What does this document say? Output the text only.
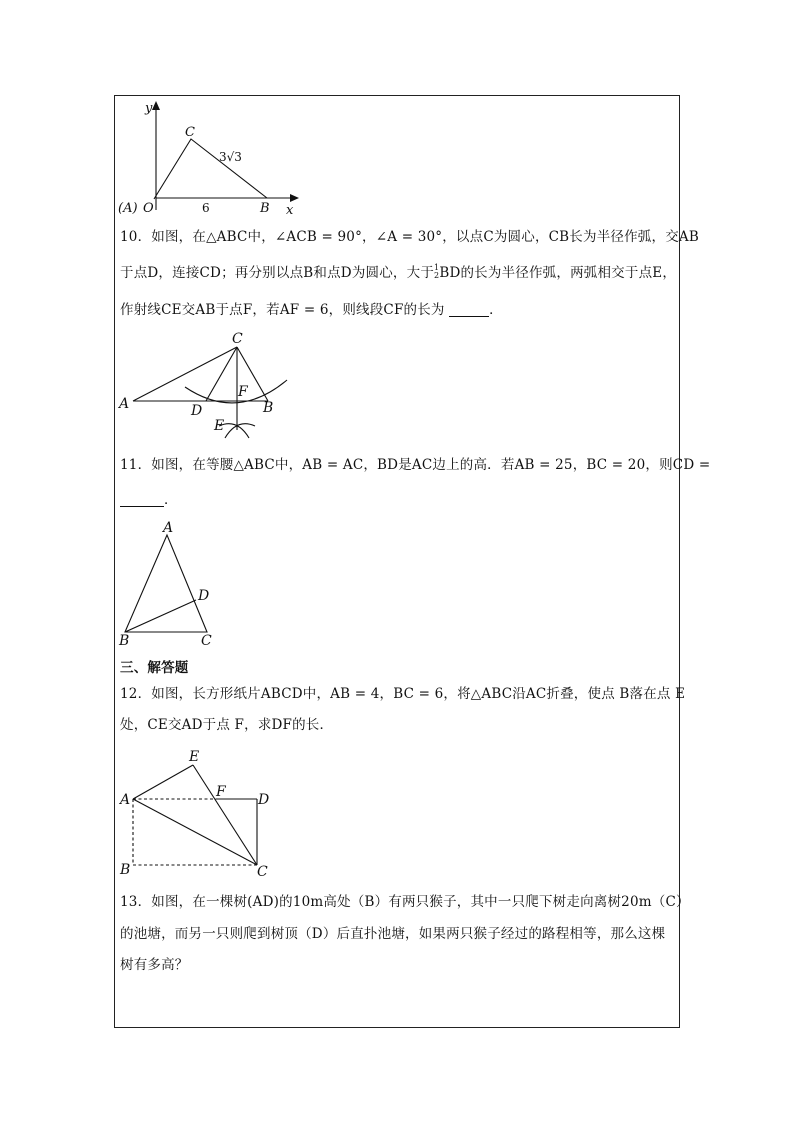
y
x
C
B
O
(A)	6
3√3
10．如图，在△ABC中，∠ACB = 90°，∠A = 30°，以点C为圆心，CB长为半径作弧，交AB
于点D，连接CD；再分别以点B和点D为圆心，大于1
2BD的长为半径作弧，两弧相交于点E，
作射线CE交AB于点F，若AF = 6，则线段CF的长为	．
C
A	D
F
B
E
11．如图，在等腰△ABC中，AB = AC，BD是AC边上的高．若AB = 25，BC = 20，则CD =
．
A
D
B	C
三、解答题
12．如图，长方形纸片ABCD中，AB = 4，BC = 6，将△ABC沿AC折叠，使点 B落在点 E
处，CE交AD于点 F，求DF的长．
E
A	F D
B	C
13．如图，在一棵树(AD)的10m高处（B）有两只猴子，其中一只爬下树走向离树20m（C）
的池塘，而另一只则爬到树顶（D）后直扑池塘，如果两只猴子经过的路程相等，那么这棵
树有多高？
